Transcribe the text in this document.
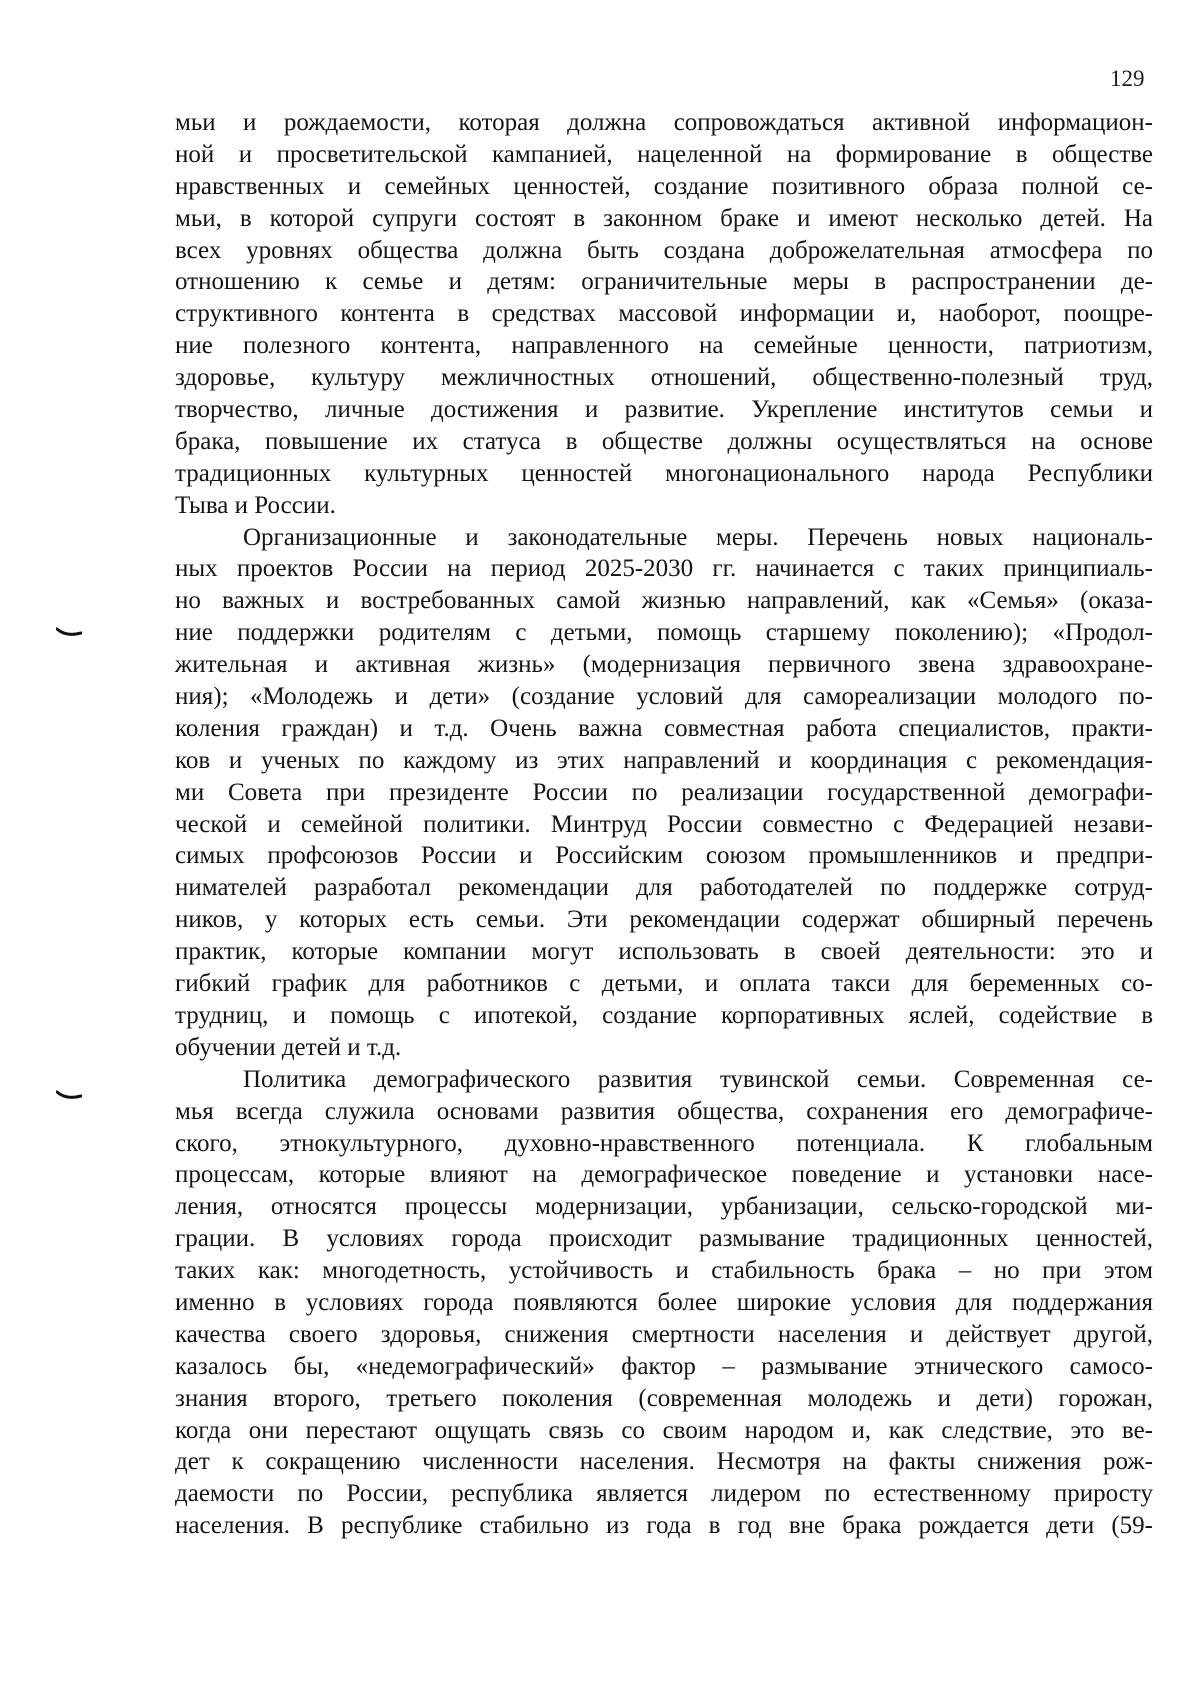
129
мьи и рождаемости, которая должна сопровождаться активной информацион-
ной и просветительской кампанией, нацеленной на формирование в обществе
нравственных и семейных ценностей, создание позитивного образа полной се-
мьи, в которой супруги состоят в законном браке и имеют несколько детей. На
всех уровнях общества должна быть создана доброжелательная атмосфера по
отношению к семье и детям: ограничительные меры в распространении де-
структивного контента в средствах массовой информации и, наоборот, поощре-
ние полезного контента, направленного на семейные ценности, патриотизм,
здоровье, культуру межличностных отношений, общественно-полезный труд,
творчество, личные достижения и развитие. Укрепление институтов семьи и
брака, повышение их статуса в обществе должны осуществляться на основе
традиционных культурных ценностей многонационального народа Республики
Тыва и России.
Организационные и законодательные меры. Перечень новых националь-
ных проектов России на период 2025-2030 гг. начинается с таких принципиаль-
но важных и востребованных самой жизнью направлений, как «Семья» (оказа-
ние поддержки родителям с детьми, помощь старшему поколению); «Продол-
жительная и активная жизнь» (модернизация первичного звена здравоохране-
ния); «Молодежь и дети» (создание условий для самореализации молодого по-
коления граждан) и т.д. Очень важна совместная работа специалистов, практи-
ков и ученых по каждому из этих направлений и координация с рекомендация-
ми Совета при президенте России по реализации государственной демографи-
ческой и семейной политики. Минтруд России совместно с Федерацией незави-
симых профсоюзов России и Российским союзом промышленников и предпри-
нимателей разработал рекомендации для работодателей по поддержке сотруд-
ников, у которых есть семьи. Эти рекомендации содержат обширный перечень
практик, которые компании могут использовать в своей деятельности: это и
гибкий график для работников с детьми, и оплата такси для беременных со-
трудниц, и помощь с ипотекой, создание корпоративных яслей, содействие в
обучении детей и т.д.
Политика демографического развития тувинской семьи. Современная се-
мья всегда служила основами развития общества, сохранения его демографиче-
ского, этнокультурного, духовно-нравственного потенциала. К глобальным
процессам, которые влияют на демографическое поведение и установки насе-
ления, относятся процессы модернизации, урбанизации, сельско-городской ми-
грации. В условиях города происходит размывание традиционных ценностей,
таких как: многодетность, устойчивость и стабильность брака – но при этом
именно в условиях города появляются более широкие условия для поддержания
качества своего здоровья, снижения смертности населения и действует другой,
казалось бы, «недемографический» фактор – размывание этнического самосо-
знания второго, третьего поколения (современная молодежь и дети) горожан,
когда они перестают ощущать связь со своим народом и, как следствие, это ве-
дет к сокращению численности населения. Несмотря на факты снижения рож-
даемости по России, республика является лидером по естественному приросту
населения. В республике стабильно из года в год вне брака рождается дети (59-
